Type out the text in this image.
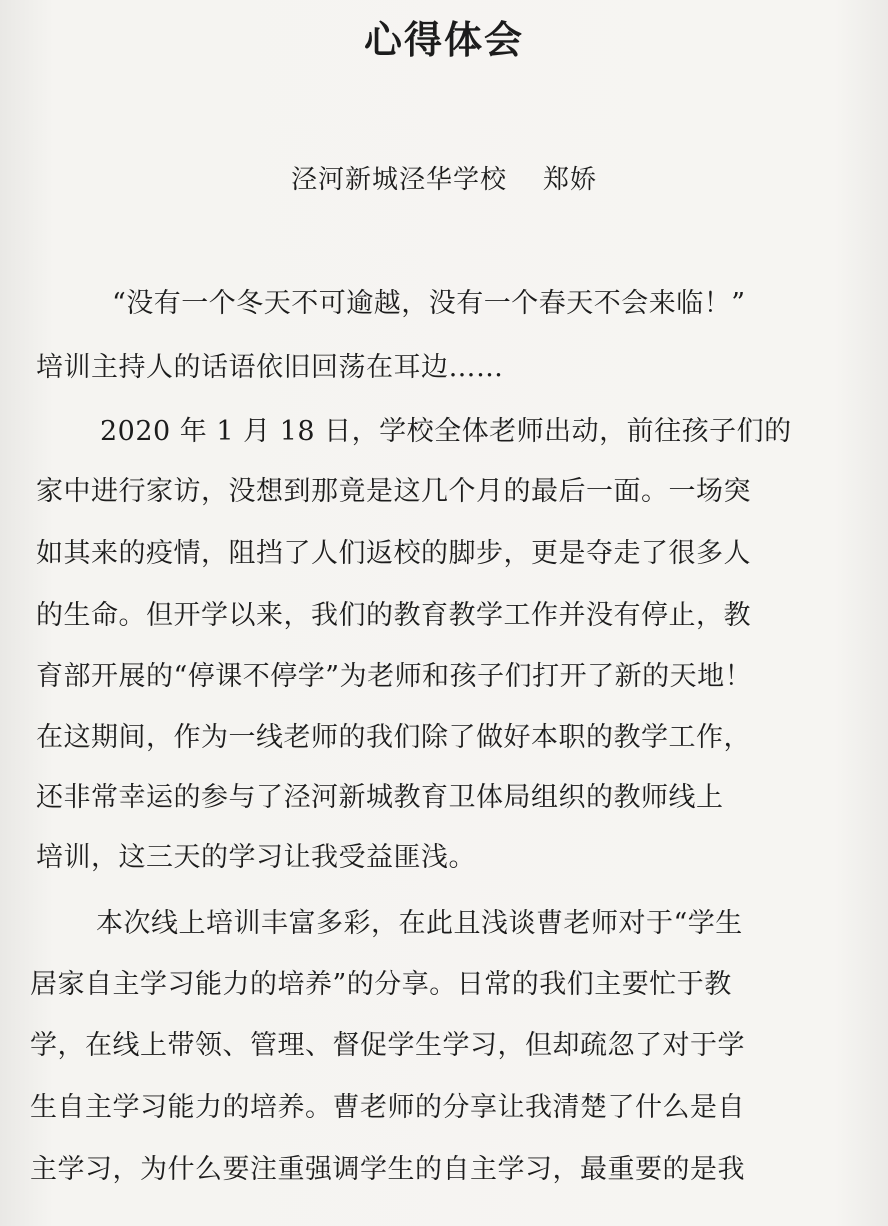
心得体会
泾河新城泾华学校 郑娇
“没有一个冬天不可逾越，没有一个春天不会来临！”
培训主持人的话语依旧回荡在耳边……
2020 年 1 月 18 日，学校全体老师出动，前往孩子们的
家中进行家访，没想到那竟是这几个月的最后一面。一场突
如其来的疫情，阻挡了人们返校的脚步，更是夺走了很多人
的生命。但开学以来，我们的教育教学工作并没有停止，教
育部开展的“停课不停学”为老师和孩子们打开了新的天地！
在这期间，作为一线老师的我们除了做好本职的教学工作，
还非常幸运的参与了泾河新城教育卫体局组织的教师线上
培训，这三天的学习让我受益匪浅。
本次线上培训丰富多彩，在此且浅谈曹老师对于“学生
居家自主学习能力的培养”的分享。日常的我们主要忙于教
学，在线上带领、管理、督促学生学习，但却疏忽了对于学
生自主学习能力的培养。曹老师的分享让我清楚了什么是自
主学习，为什么要注重强调学生的自主学习，最重要的是我
